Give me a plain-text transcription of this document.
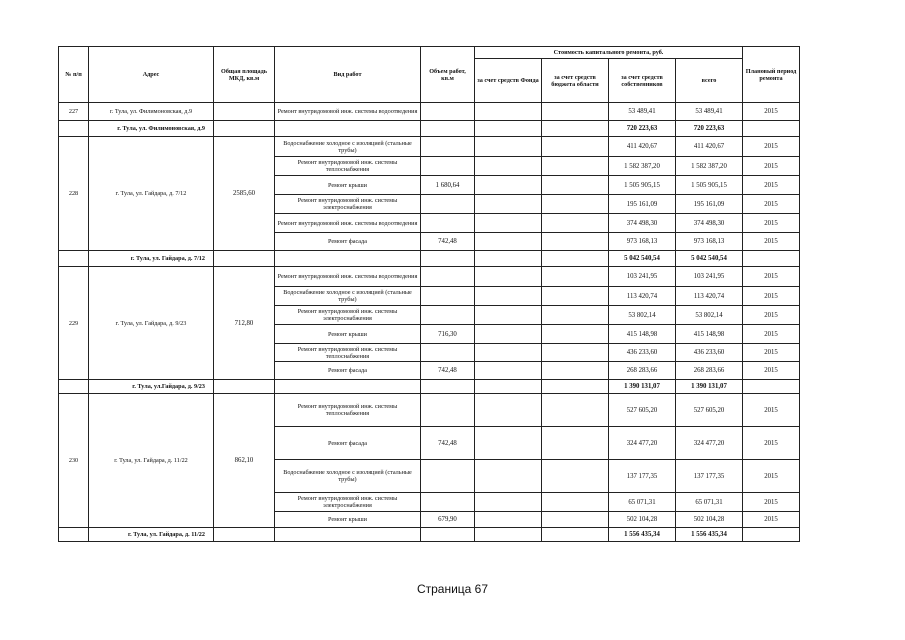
№ п/п	Адрес	Общая площадь МКД, кв.м	Вид работ	Объем работ, кв.м	Стоимость капитального ремонта, руб.				Плановый период ремонта
					за счет средств Фонда	за счет средств бюджета области	за счет средств собственников	всего	
227	г. Тула, ул. Филимоновская, д.9		Ремонт внутридомовой инж. системы водоотведения				53 489,41	53 489,41	2015
	г. Тула, ул. Филимоновская, д.9						720 223,63	720 223,63	
228	г. Тула, ул. Гайдара, д. 7/12	2585,60	Водоснабжение холодное с изоляцией (стальные трубы)				411 420,67	411 420,67	2015
			Ремонт внутридомовой инж. системы теплоснабжения				1 582 387,20	1 582 387,20	2015
			Ремонт крыши	1 680,64			1 505 905,15	1 505 905,15	2015
			Ремонт внутридомовой инж. системы электроснабжения				195 161,09	195 161,09	2015
			Ремонт внутридомовой инж. системы водоотведения				374 498,30	374 498,30	2015
			Ремонт фасада	742,48			973 168,13	973 168,13	2015
	г. Тула, ул. Гайдара, д. 7/12						5 042 540,54	5 042 540,54	
229	г. Тула, ул. Гайдара, д. 9/23	712,80	Ремонт внутридомовой инж. системы водоотведения				103 241,95	103 241,95	2015
			Водоснабжение холодное с изоляцией (стальные трубы)				113 420,74	113 420,74	2015
			Ремонт внутридомовой инж. системы электроснабжения				53 802,14	53 802,14	2015
			Ремонт крыши	716,30			415 148,98	415 148,98	2015
			Ремонт внутридомовой инж. системы теплоснабжения				436 233,60	436 233,60	2015
			Ремонт фасада	742,48			268 283,66	268 283,66	2015
	г. Тула, ул.Гайдара, д. 9/23						1 390 131,07	1 390 131,07	
230	г. Тула, ул. Гайдара, д. 11/22	862,10	Ремонт внутридомовой инж. системы теплоснабжения				527 605,20	527 605,20	2015
			Ремонт фасада	742,48			324 477,20	324 477,20	2015
			Водоснабжение холодное с изоляцией (стальные трубы)				137 177,35	137 177,35	2015
			Ремонт внутридомовой инж. системы электроснабжения				65 071,31	65 071,31	2015
			Ремонт крыши	679,90			502 104,28	502 104,28	2015
	г. Тула, ул. Гайдара, д. 11/22						1 556 435,34	1 556 435,34	
Страница 67
